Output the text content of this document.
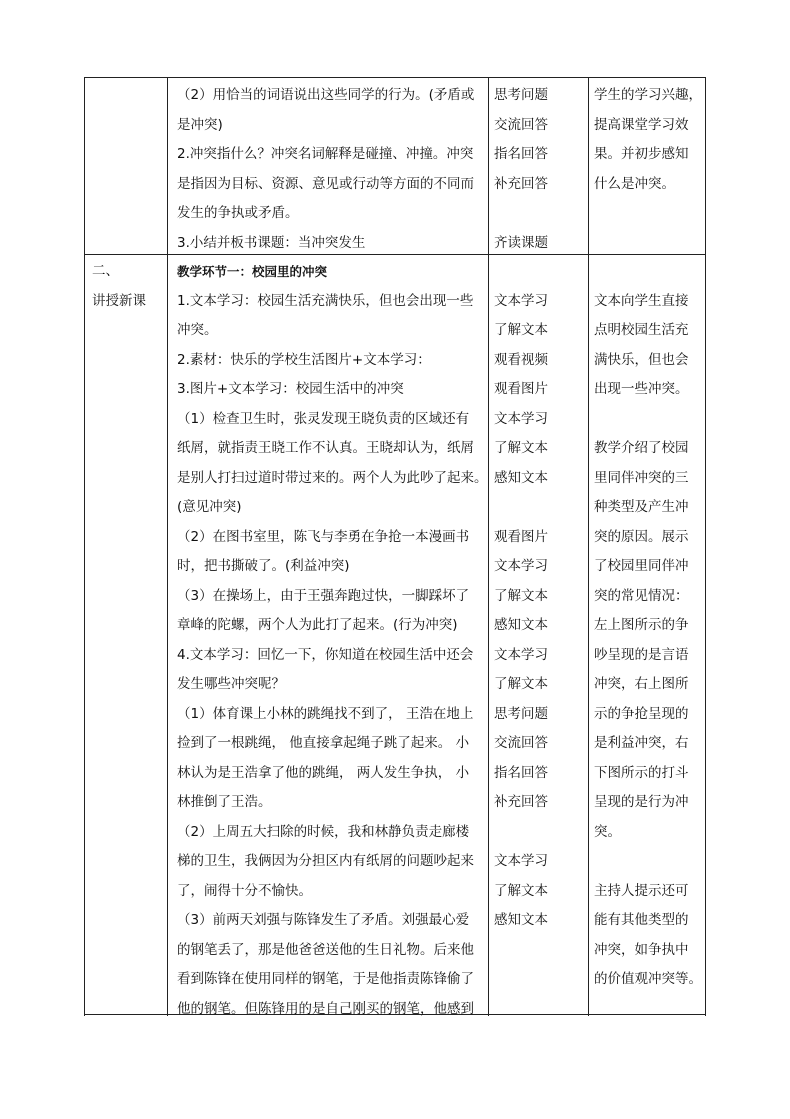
（2）用恰当的词语说出这些同学的行为。(矛盾或
是冲突)
2.冲突指什么？冲突名词解释是碰撞、冲撞。冲突
是指因为目标、资源、意见或行动等方面的不同而
发生的争执或矛盾。
3.小结并板书课题：当冲突发生
思考问题
交流回答
指名回答
补充回答
齐读课题
学生的学习兴趣，
提高课堂学习效
果。并初步感知
什么是冲突。
二、
讲授新课
教学环节一：校园里的冲突
1.文本学习：校园生活充满快乐，但也会出现一些
冲突。
2.素材：快乐的学校生活图片+文本学习：
3.图片+文本学习：校园生活中的冲突
（1）检查卫生时，张灵发现王晓负责的区域还有
纸屑，就指责王晓工作不认真。王晓却认为，纸屑
是别人打扫过道时带过来的。两个人为此吵了起来。
(意见冲突)
（2）在图书室里，陈飞与李勇在争抢一本漫画书
时，把书撕破了。(利益冲突)
（3）在操场上，由于王强奔跑过快，一脚踩坏了
章峰的陀螺，两个人为此打了起来。(行为冲突)
4.文本学习：回忆一下，你知道在校园生活中还会
发生哪些冲突呢？
（1）体育课上小林的跳绳找不到了， 王浩在地上
捡到了一根跳绳， 他直接拿起绳子跳了起来。 小
林认为是王浩拿了他的跳绳， 两人发生争执， 小
林推倒了王浩。
（2）上周五大扫除的时候，我和林静负责走廊楼
梯的卫生，我俩因为分担区内有纸屑的问题吵起来
了，闹得十分不愉快。
（3）前两天刘强与陈锋发生了矛盾。刘强最心爱
的钢笔丢了，那是他爸爸送他的生日礼物。后来他
看到陈锋在使用同样的钢笔，于是他指责陈锋偷了
他的钢笔。但陈锋用的是自己刚买的钢笔，他感到
文本学习
了解文本
观看视频
观看图片
文本学习
了解文本
感知文本
观看图片
文本学习
了解文本
感知文本
文本学习
了解文本
思考问题
交流回答
指名回答
补充回答
文本学习
了解文本
感知文本
文本向学生直接
点明校园生活充
满快乐，但也会
出现一些冲突。
教学介绍了校园
里同伴冲突的三
种类型及产生冲
突的原因。展示
了校园里同伴冲
突的常见情况：
左上图所示的争
吵呈现的是言语
冲突，右上图所
示的争抢呈现的
是利益冲突，右
下图所示的打斗
呈现的是行为冲
突。
主持人提示还可
能有其他类型的
冲突，如争执中
的价值观冲突等。
